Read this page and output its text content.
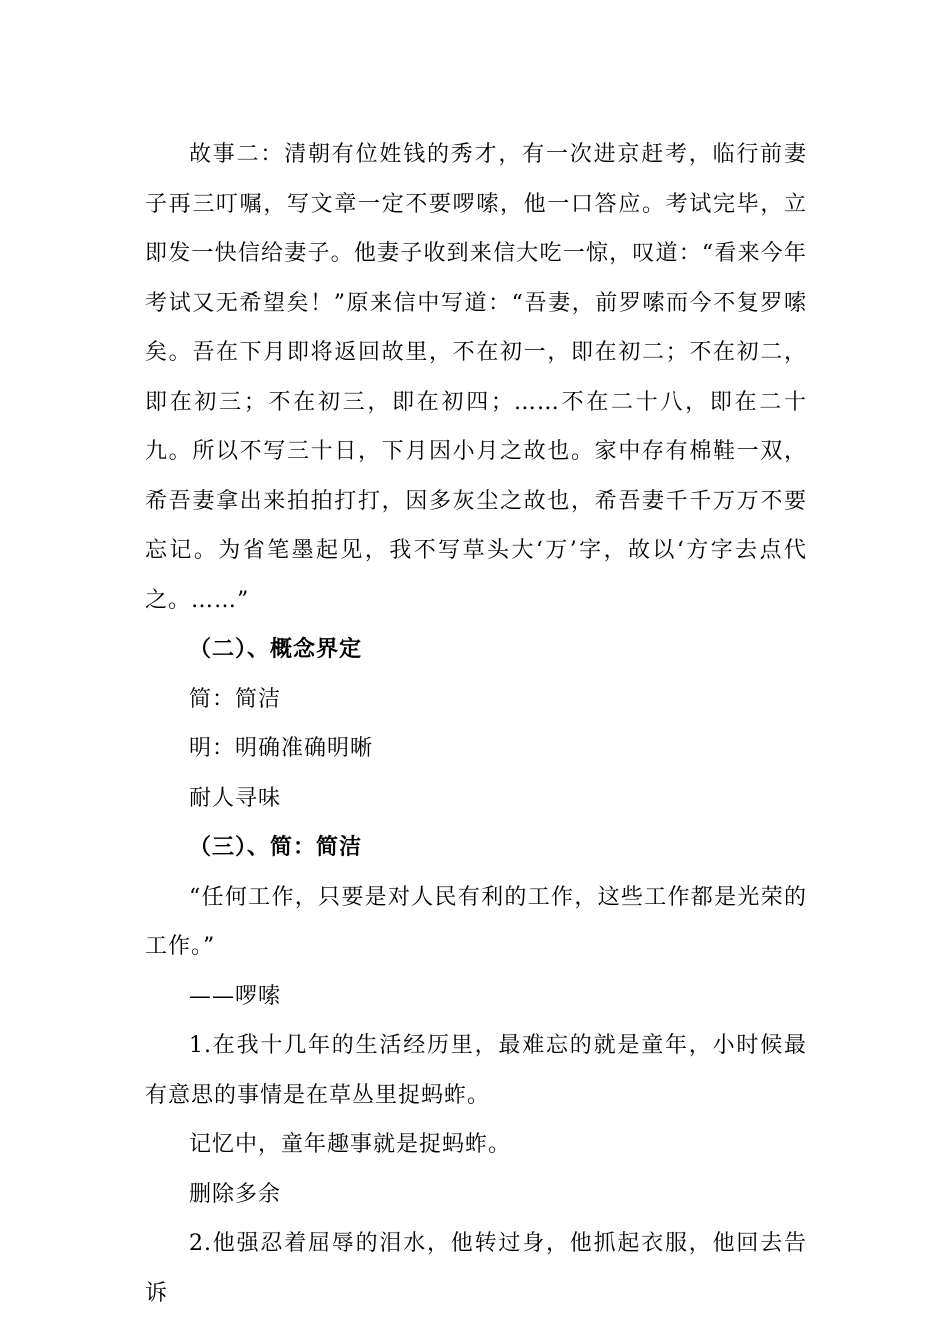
故事二：清朝有位姓钱的秀才，有一次进京赶考，临行前妻子再三叮嘱，写文章一定不要啰嗦，他一口答应。考试完毕，立即发一快信给妻子。他妻子收到来信大吃一惊，叹道：“看来今年考试又无希望矣！”原来信中写道：“吾妻，前罗嗦而今不复罗嗦矣。吾在下月即将返回故里，不在初一，即在初二；不在初二，即在初三；不在初三，即在初四；……不在二十八，即在二十九。所以不写三十日，下月因小月之故也。家中存有棉鞋一双，希吾妻拿出来拍拍打打，因多灰尘之故也，希吾妻千千万万不要忘记。为省笔墨起见，我不写草头大‘万’字，故以‘方字去点代之。……”

（二）、概念界定

简：简洁

明：明确准确明晰

耐人寻味

（三）、简：简洁

“任何工作，只要是对人民有利的工作，这些工作都是光荣的工作。”

——啰嗦

1.在我十几年的生活经历里，最难忘的就是童年，小时候最有意思的事情是在草丛里捉蚂蚱。

记忆中，童年趣事就是捉蚂蚱。

删除多余

2.他强忍着屈辱的泪水，他转过身，他抓起衣服，他回去告诉
